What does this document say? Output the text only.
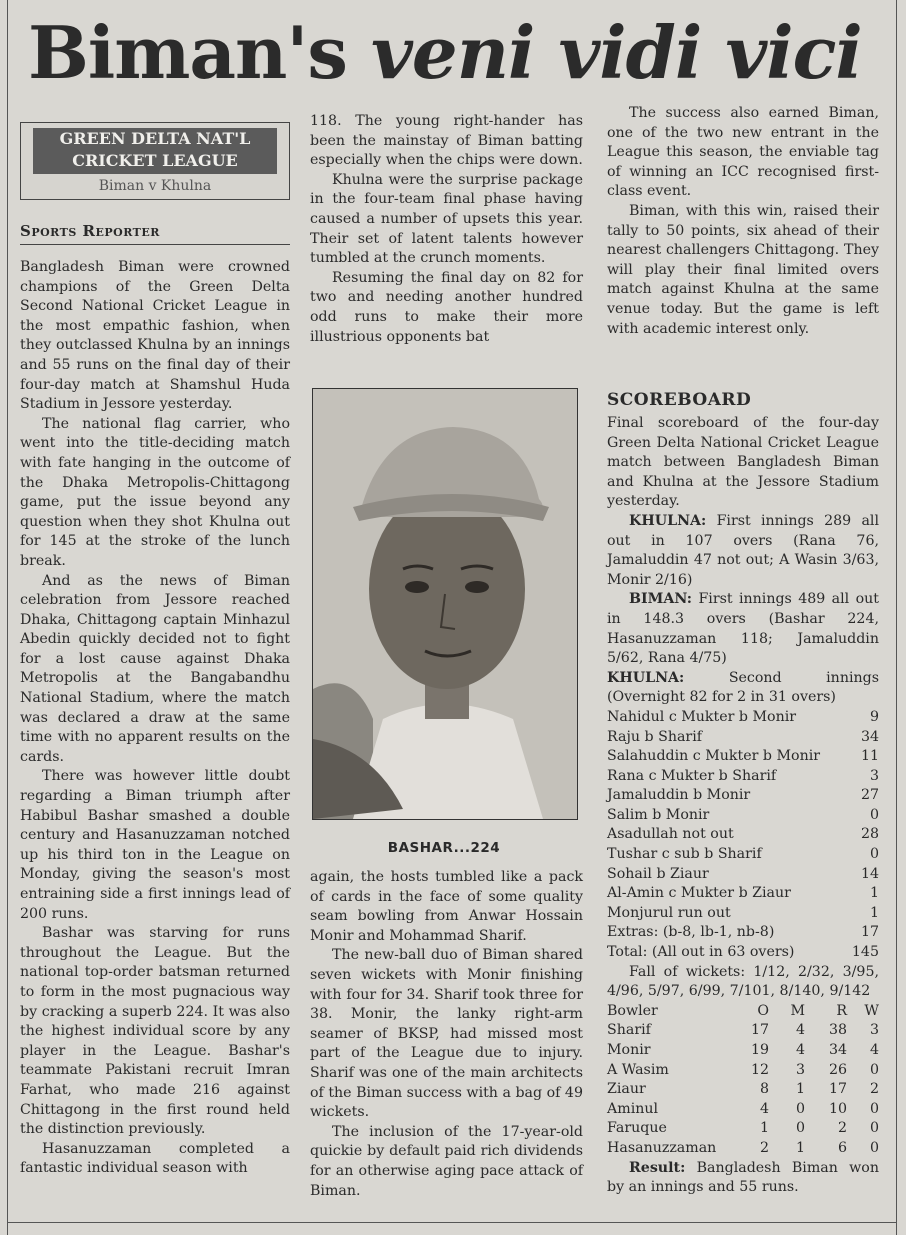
Biman's veni vidi vici
GREEN DELTA NAT'L
CRICKET LEAGUE
Biman v Khulna
Sports Reporter

Bangladesh Biman were crowned champions of the Green Delta Second National Cricket League in the most empathic fashion, when they outclassed Khulna by an innings and 55 runs on the final day of their four-day match at Shamshul Huda Stadium in Jessore yesterday.

The national flag carrier, who went into the title-deciding match with fate hanging in the outcome of the Dhaka Metropolis-Chittagong game, put the issue beyond any question when they shot Khulna out for 145 at the stroke of the lunch break.

And as the news of Biman celebration from Jessore reached Dhaka, Chittagong captain Minhazul Abedin quickly decided not to fight for a lost cause against Dhaka Metropolis at the Bangabandhu National Stadium, where the match was declared a draw at the same time with no apparent results on the cards.

There was however little doubt regarding a Biman triumph after Habibul Bashar smashed a double century and Hasanuzzaman notched up his third ton in the League on Monday, giving the season's most entraining side a first innings lead of 200 runs.

Bashar was starving for runs throughout the League. But the national top-order batsman returned to form in the most pugnacious way by cracking a superb 224. It was also the highest individual score by any player in the League. Bashar's teammate Pakistani recruit Imran Farhat, who made 216 against Chittagong in the first round held the distinction previously.

Hasanuzzaman completed a fantastic individual season with

118. The young right-hander has been the mainstay of Biman batting especially when the chips were down.

Khulna were the surprise package in the four-team final phase having caused a number of upsets this year. Their set of latent talents however tumbled at the crunch moments.

Resuming the final day on 82 for two and needing another hundred odd runs to make their more illustrious opponents bat

BASHAR...224

again, the hosts tumbled like a pack of cards in the face of some quality seam bowling from Anwar Hossain Monir and Mohammad Sharif.

The new-ball duo of Biman shared seven wickets with Monir finishing with four for 34. Sharif took three for 38. Monir, the lanky right-arm seamer of BKSP, had missed most part of the League due to injury. Sharif was one of the main architects of the Biman success with a bag of 49 wickets.

The inclusion of the 17-year-old quickie by default paid rich dividends for an otherwise aging pace attack of Biman.

The success also earned Biman, one of the two new entrant in the League this season, the enviable tag of winning an ICC recognised first-class event.

Biman, with this win, raised their tally to 50 points, six ahead of their nearest challengers Chittagong. They will play their final limited overs match against Khulna at the same venue today. But the game is left with academic interest only.

SCOREBOARD

Final scoreboard of the four-day Green Delta National Cricket League match between Bangladesh Biman and Khulna at the Jessore Stadium yesterday.

KHULNA: First innings 289 all out in 107 overs (Rana 76, Jamaluddin 47 not out; A Wasin 3/63, Monir 2/16)

BIMAN: First innings 489 all out in 148.3 overs (Bashar 224, Hasanuzzaman 118; Jamaluddin 5/62, Rana 4/75)

KHULNA: Second innings (Overnight 82 for 2 in 31 overs)

Nahidul c Mukter b Monir	9
Raju b Sharif	34
Salahuddin c Mukter b Monir	11
Rana c Mukter b Sharif	3
Jamaluddin b Monir	27
Salim b Monir	0
Asadullah not out	28
Tushar c sub b Sharif	0
Sohail b Ziaur	14
Al-Amin c Mukter b Ziaur	1
Monjurul run out	1
Extras: (b-8, lb-1, nb-8)	17
Total: (All out in 63 overs)	145

Fall of wickets: 1/12, 2/32, 3/95, 4/96, 5/97, 6/99, 7/101, 8/140, 9/142

Bowler	O	M	R	W
Sharif	17	4	38	3
Monir	19	4	34	4
A Wasim	12	3	26	0
Ziaur	8	1	17	2
Aminul	4	0	10	0
Faruque	1	0	2	0
Hasanuzzaman	2	1	6	0

Result: Bangladesh Biman won by an innings and 55 runs.
